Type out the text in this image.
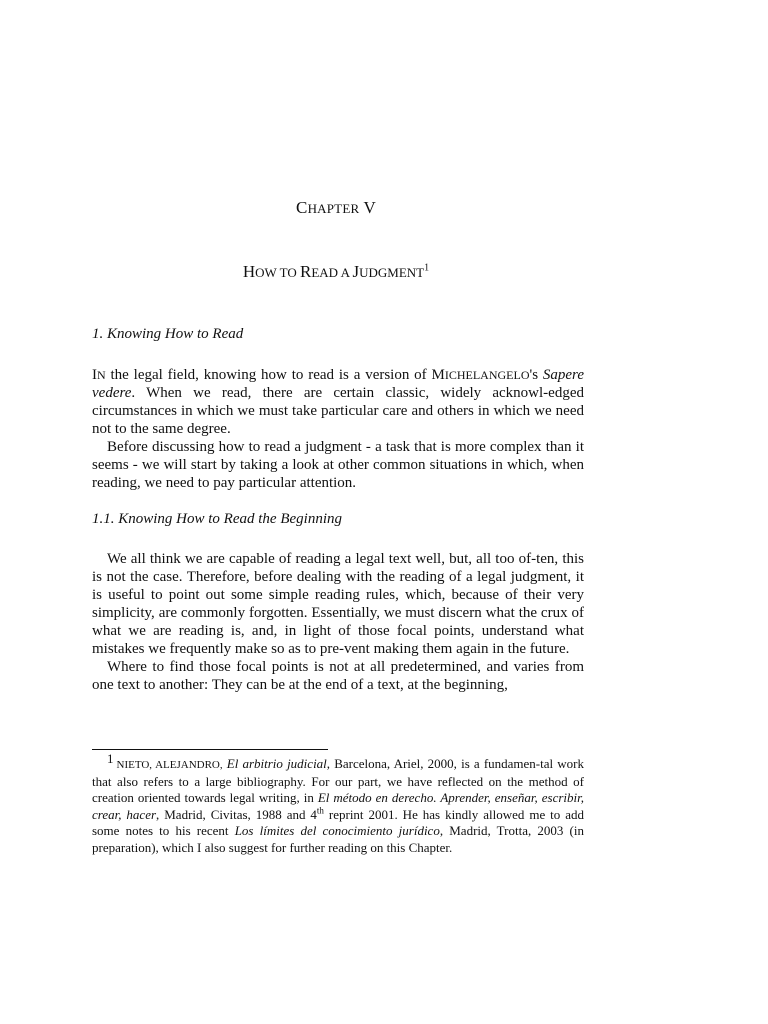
CHAPTER V
HOW TO READ A JUDGMENT$^1$
1. Knowing How to Read

IN the legal field, knowing how to read is a version of MICHELANGELO's Sapere vedere. When we read, there are certain classic, widely acknowl-edged circumstances in which we must take particular care and others in which we need not to the same degree.

Before discussing how to read a judgment - a task that is more complex than it seems - we will start by taking a look at other common situations in which, when reading, we need to pay particular attention.

1.1. Knowing How to Read the Beginning

We all think we are capable of reading a legal text well, but, all too of-ten, this is not the case. Therefore, before dealing with the reading of a legal judgment, it is useful to point out some simple reading rules, which, because of their very simplicity, are commonly forgotten. Essentially, we must discern what the crux of what we are reading is, and, in light of those focal points, understand what mistakes we frequently make so as to pre-vent making them again in the future.

Where to find those focal points is not at all predetermined, and varies from one text to another: They can be at the end of a text, at the beginning,

1 NIETO, ALEJANDRO, El arbitrio judicial, Barcelona, Ariel, 2000, is a fundamen-tal work that also refers to a large bibliography. For our part, we have reflected on the method of creation oriented towards legal writing, in El método en derecho. Aprender, enseñar, escribir, crear, hacer, Madrid, Civitas, 1988 and 4th reprint 2001. He has kindly allowed me to add some notes to his recent Los límites del conocimiento jurídico, Madrid, Trotta, 2003 (in preparation), which I also suggest for further reading on this Chapter.
